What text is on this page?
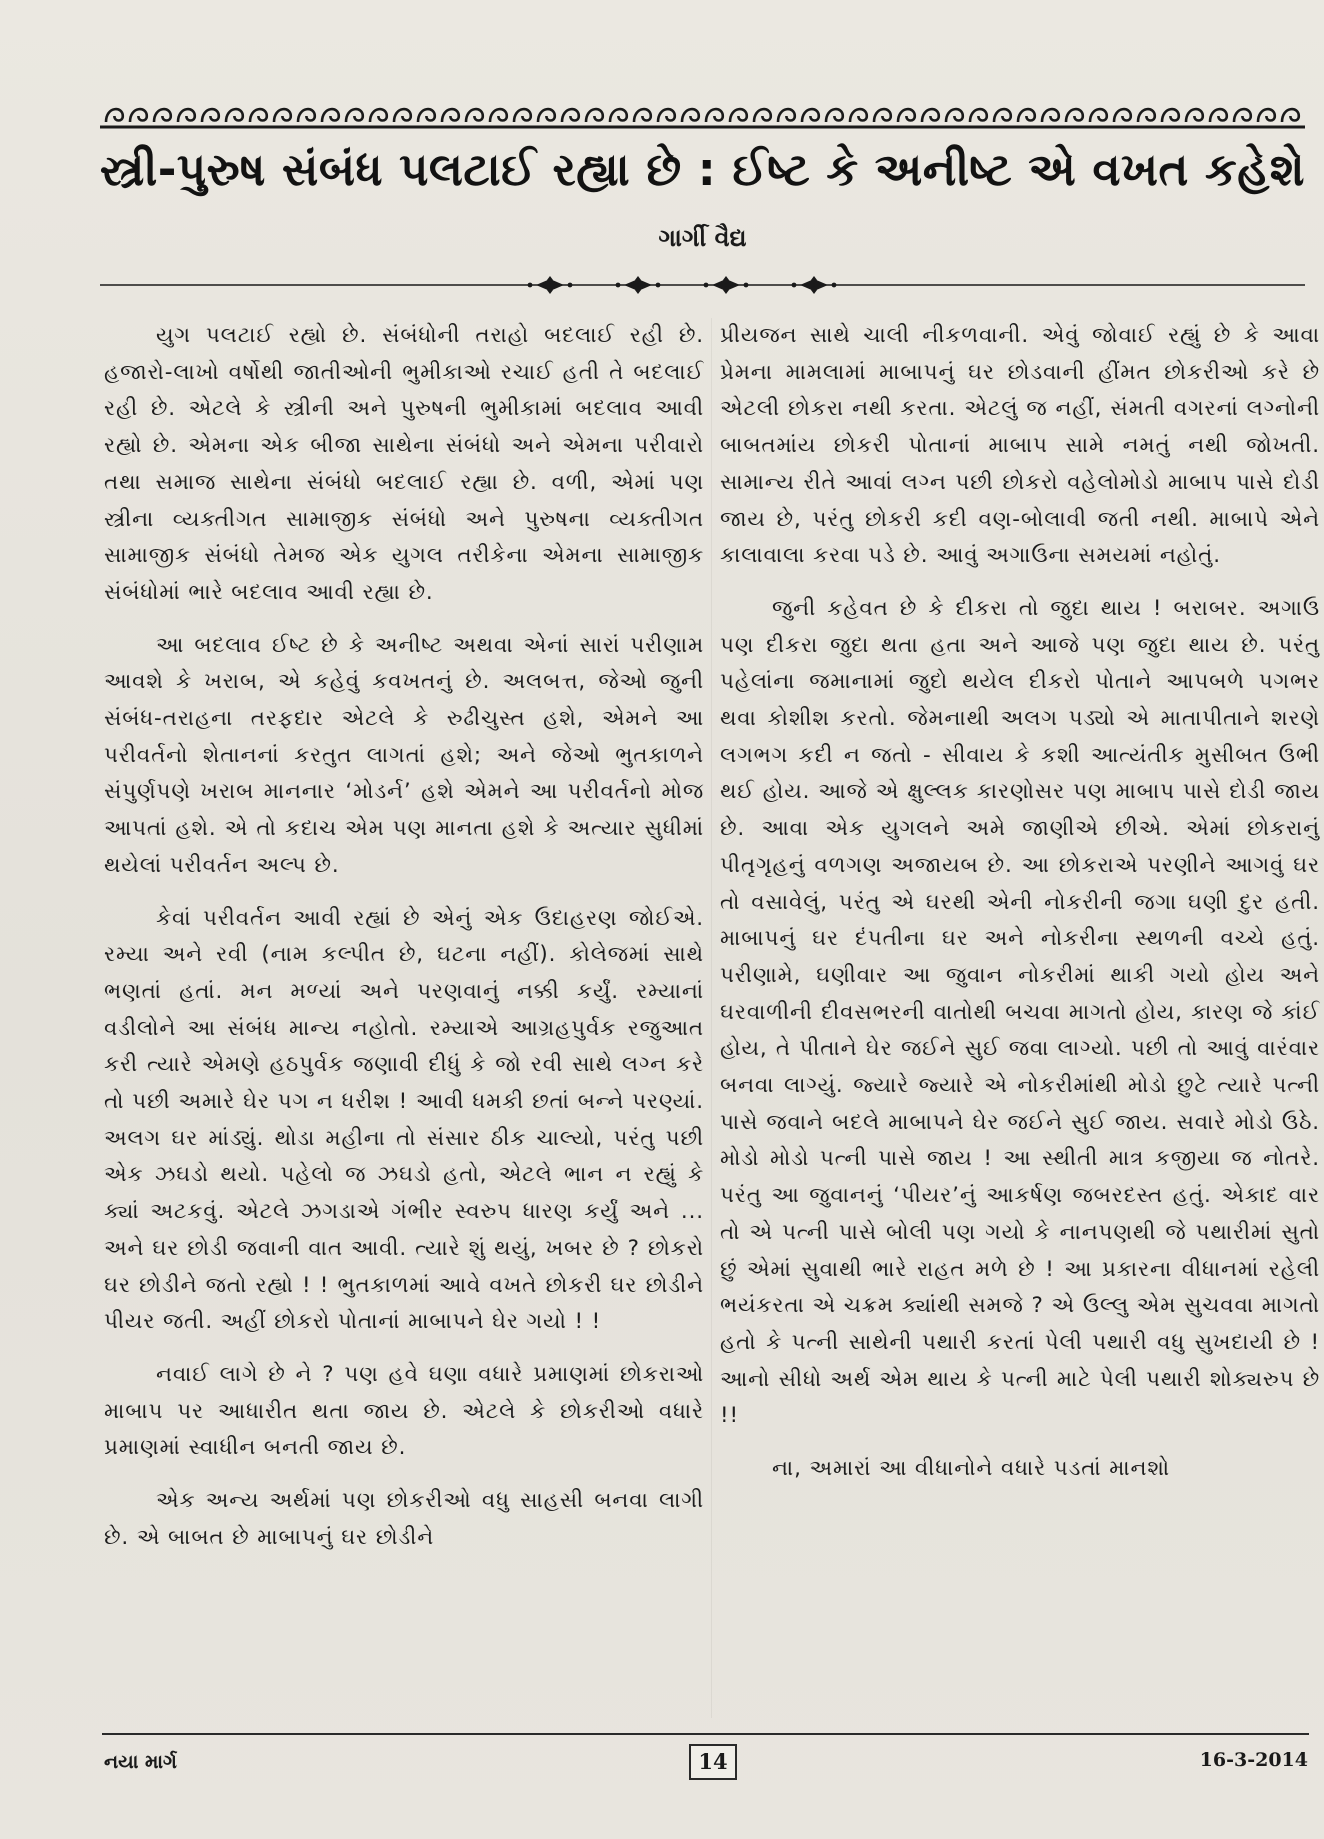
સ્ત્રી-પુરુષ સંબંધ પલટાઈ રહ્યા છે : ઈષ્ટ કે અનીષ્ટ એ વખત કહેશે
ગાર્ગી વૈદ્ય

યુગ પલટાઈ રહ્યો છે. સંબંધોની તરાહો બદલાઈ રહી છે. હજારો-લાખો વર્ષોથી જાતીઓની ભુમીકાઓ રચાઈ હતી તે બદલાઈ રહી છે. એટલે કે સ્ત્રીની અને પુરુષની ભુમીકામાં બદલાવ આવી રહ્યો છે. એમના એક બીજા સાથેના સંબંધો અને એમના પરીવારો તથા સમાજ સાથેના સંબંધો બદલાઈ રહ્યા છે. વળી, એમાં પણ સ્ત્રીના વ્યક્તીગત સામાજીક સંબંધો અને પુરુષના વ્યક્તીગત સામાજીક સંબંધો તેમજ એક યુગલ તરીકેના એમના સામાજીક સંબંધોમાં ભારે બદલાવ આવી રહ્યા છે.

આ બદલાવ ઈષ્ટ છે કે અનીષ્ટ અથવા એનાં સારાં પરીણામ આવશે કે ખરાબ, એ કહેવું કવખતનું છે. અલબત્ત, જેઓ જુની સંબંધ-તરાહના તરફદાર એટલે કે રુઢીચુસ્ત હશે, એમને આ પરીવર્તનો શેતાનનાં કરતુત લાગતાં હશે; અને જેઓ ભુતકાળને સંપુર્ણપણે ખરાબ માનનાર ‘મોડર્ન’ હશે એમને આ પરીવર્તનો મોજ આપતાં હશે. એ તો કદાચ એમ પણ માનતા હશે કે અત્યાર સુધીમાં થયેલાં પરીવર્તન અલ્પ છે.

કેવાં પરીવર્તન આવી રહ્યાં છે એનું એક ઉદાહરણ જોઈએ. રમ્યા અને રવી (નામ કલ્પીત છે, ઘટના નહીં). કોલેજમાં સાથે ભણતાં હતાં. મન મળ્યાં અને પરણવાનું નક્કી કર્યું. રમ્યાનાં વડીલોને આ સંબંધ માન્ય નહોતો. રમ્યાએ આગ્રહપુર્વક રજુઆત કરી ત્યારે એમણે હઠપુર્વક જણાવી દીધું કે જો રવી સાથે લગ્ન કરે તો પછી અમારે ઘેર પગ ન ધરીશ ! આવી ધમકી છતાં બન્ને પરણ્યાં. અલગ ઘર માંડ્યું. થોડા મહીના તો સંસાર ઠીક ચાલ્યો, પરંતુ પછી એક ઝઘડો થયો. પહેલો જ ઝઘડો હતો, એટલે ભાન ન રહ્યું કે ક્યાં અટકવું. એટલે ઝગડાએ ગંભીર સ્વરુપ ધારણ કર્યું અને ... અને ઘર છોડી જવાની વાત આવી. ત્યારે શું થયું, ખબર છે ? છોકરો ઘર છોડીને જતો રહ્યો ! ! ભુતકાળમાં આવે વખતે છોકરી ઘર છોડીને પીયર જતી. અહીં છોકરો પોતાનાં માબાપને ઘેર ગયો ! !

નવાઈ લાગે છે ને ? પણ હવે ઘણા વધારે પ્રમાણમાં છોકરાઓ માબાપ પર આધારીત થતા જાય છે. એટલે કે છોકરીઓ વધારે પ્રમાણમાં સ્વાધીન બનતી જાય છે.

એક અન્ય અર્થમાં પણ છોકરીઓ વધુ સાહસી બનવા લાગી છે. એ બાબત છે માબાપનું ઘર છોડીને

પ્રીયજન સાથે ચાલી નીકળવાની. એવું જોવાઈ રહ્યું છે કે આવા પ્રેમના મામલામાં માબાપનું ઘર છોડવાની હીંમત છોકરીઓ કરે છે એટલી છોકરા નથી કરતા. એટલું જ નહીં, સંમતી વગરનાં લગ્નોની બાબતમાંય છોકરી પોતાનાં માબાપ સામે નમતું નથી જોખતી. સામાન્ય રીતે આવાં લગ્ન પછી છોકરો વહેલોમોડો માબાપ પાસે દોડી જાય છે, પરંતુ છોકરી કદી વણ-બોલાવી જતી નથી. માબાપે એને કાલાવાલા કરવા પડે છે. આવું અગાઉના સમયમાં નહોતું.

જુની કહેવત છે કે દીકરા તો જુદા થાય ! બરાબર. અગાઉ પણ દીકરા જુદા થતા હતા અને આજે પણ જુદા થાય છે. પરંતુ પહેલાંના જમાનામાં જુદો થયેલ દીકરો પોતાને આપબળે પગભર થવા કોશીશ કરતો. જેમનાથી અલગ પડ્યો એ માતાપીતાને શરણે લગભગ કદી ન જતો - સીવાય કે કશી આત્યંતીક મુસીબત ઉભી થઈ હોય. આજે એ ક્ષુલ્લક કારણોસર પણ માબાપ પાસે દોડી જાય છે. આવા એક યુગલને અમે જાણીએ છીએ. એમાં છોકરાનું પીતૃગૃહનું વળગણ અજાયબ છે. આ છોકરાએ પરણીને આગવું ઘર તો વસાવેલું, પરંતુ એ ઘરથી એની નોકરીની જગા ઘણી દુર હતી. માબાપનું ઘર દંપતીના ઘર અને નોકરીના સ્થળની વચ્ચે હતું. પરીણામે, ઘણીવાર આ જુવાન નોકરીમાં થાકી ગયો હોય અને ઘરવાળીની દીવસભરની વાતોથી બચવા માગતો હોય, કારણ જે કાંઈ હોય, તે પીતાને ઘેર જઈને સુઈ જવા લાગ્યો. પછી તો આવું વારંવાર બનવા લાગ્યું. જ્યારે જ્યારે એ નોકરીમાંથી મોડો છુટે ત્યારે પત્ની પાસે જવાને બદલે માબાપને ઘેર જઈને સુઈ જાય. સવારે મોડો ઉઠે. મોડો મોડો પત્ની પાસે જાય ! આ સ્થીતી માત્ર કજીયા જ નોતરે. પરંતુ આ જુવાનનું ‘પીયર’નું આકર્ષણ જબરદસ્ત હતું. એકાદ વાર તો એ પત્ની પાસે બોલી પણ ગયો કે નાનપણથી જે પથારીમાં સુતો છું એમાં સુવાથી ભારે રાહત મળે છે ! આ પ્રકારના વીધાનમાં રહેલી ભયંકરતા એ ચક્રમ ક્યાંથી સમજે ? એ ઉલ્લુ એમ સુચવવા માગતો હતો કે પત્ની સાથેની પથારી કરતાં પેલી પથારી વધુ સુખદાયી છે ! આનો સીધો અર્થ એમ થાય કે પત્ની માટે પેલી પથારી શોક્યરુપ છે !!

ના, અમારાં આ વીધાનોને વધારે પડતાં માનશો

નયા માર્ગ	14	16-3-2014
